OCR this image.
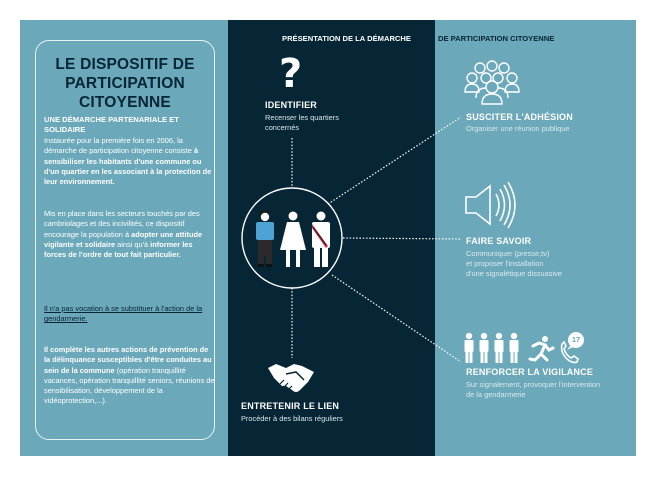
LE DISPOSITIF DE
PARTICIPATION
CITOYENNE
UNE DÉMARCHE PARTENARIALE ET
SOLIDAIRE
Instaurée pour la première fois en 2006, la démarche de participation citoyenne consiste à sensibiliser les habitants d'une commune ou d'un quartier en les associant à la protection de leur environnement.
Mis en place dans les secteurs touchés par des cambriolages et des incivilités, ce dispositif encourage la population à adopter une attitude vigilante et solidaire ainsi qu'à informer les forces de l'ordre de tout fait particulier.
Il n'a pas vocation à se substituer à l'action de la gendarmerie.
Il complète les autres actions de prévention de la délinquance susceptibles d'être conduites au sein de la commune (opération tranquillité vacances, opération tranquillité seniors, réunions de sensibilisation, développement de la vidéoprotection,...).
PRÉSENTATION DE LA DÉMARCHE	DE PARTICIPATION CITOYENNE
?
IDENTIFIER
Recenser les quartiers
concernés
ENTRETENIR LE LIEN
Procéder à des bilans réguliers
SUSCITER L'ADHÉSION
Organiser une réunion publique
FAIRE SAVOIR
Communiquer (presse,tv)
et proposer l'installation
d'une signalétique dissuasive
17
RENFORCER LA VIGILANCE
Sur signalement, provoquer l'intervention
de la gendarmerie
